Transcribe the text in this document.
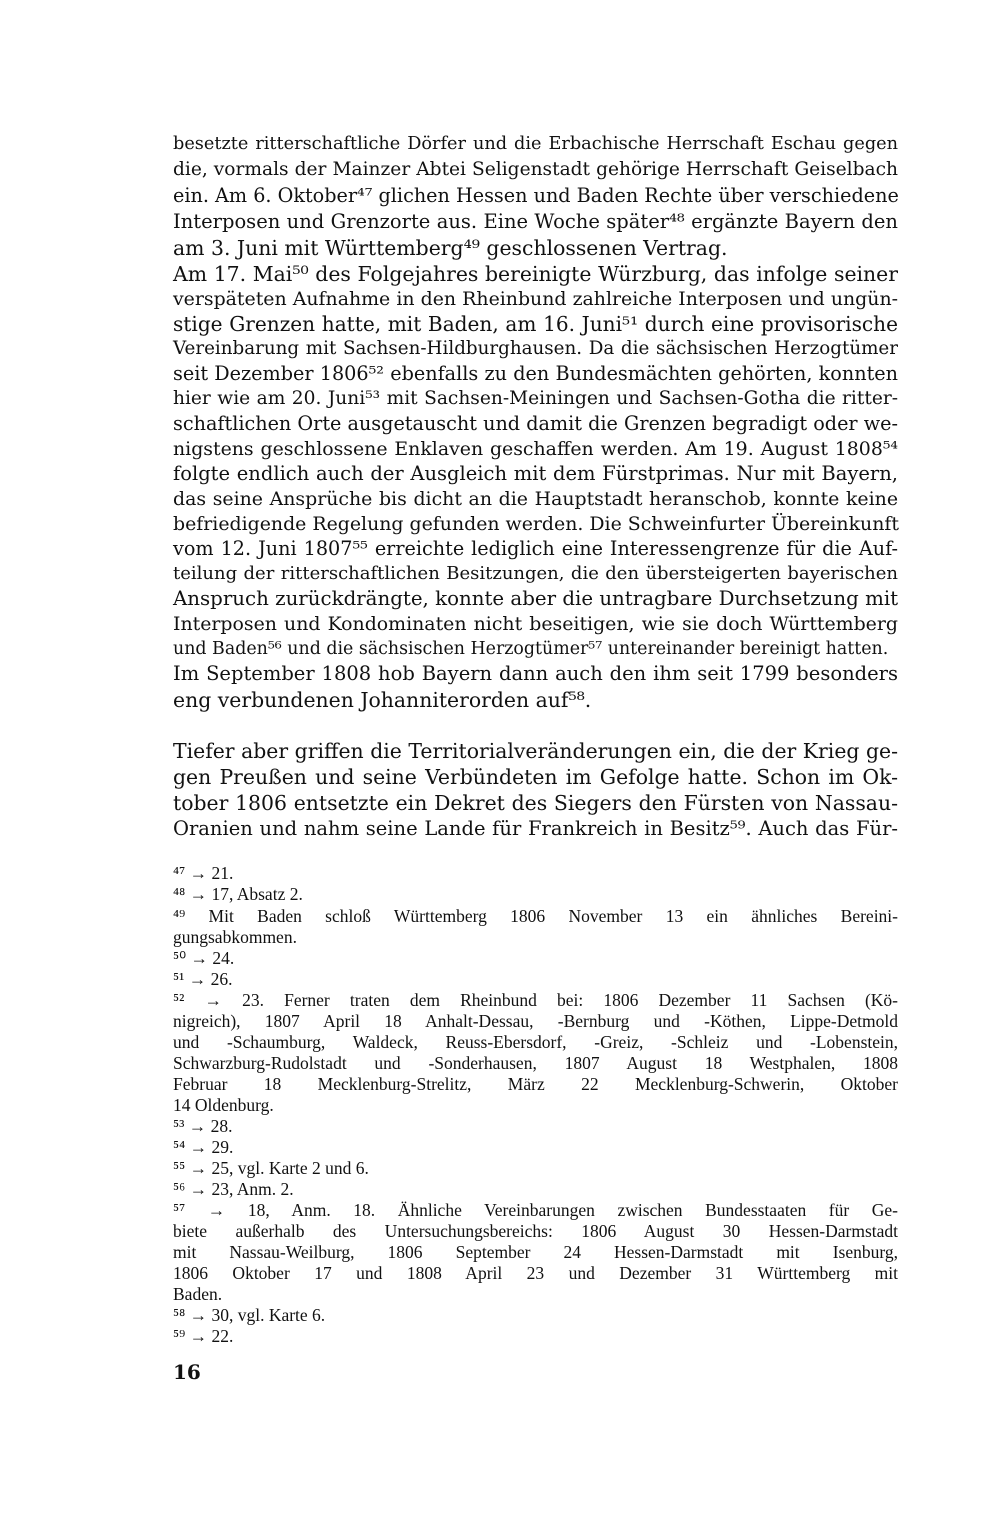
besetzte ritterschaftliche Dörfer und die Erbachische Herrschaft Eschau gegen
die, vormals der Mainzer Abtei Seligenstadt gehörige Herrschaft Geiselbach
ein. Am 6. Oktober⁴⁷ glichen Hessen und Baden Rechte über verschiedene
Interposen und Grenzorte aus. Eine Woche später⁴⁸ ergänzte Bayern den
am 3. Juni mit Württemberg⁴⁹ geschlossenen Vertrag.
Am 17. Mai⁵⁰ des Folgejahres bereinigte Würzburg, das infolge seiner
verspäteten Aufnahme in den Rheinbund zahlreiche Interposen und ungün-
stige Grenzen hatte, mit Baden, am 16. Juni⁵¹ durch eine provisorische
Vereinbarung mit Sachsen-Hildburghausen. Da die sächsischen Herzogtümer
seit Dezember 1806⁵² ebenfalls zu den Bundesmächten gehörten, konnten
hier wie am 20. Juni⁵³ mit Sachsen-Meiningen und Sachsen-Gotha die ritter-
schaftlichen Orte ausgetauscht und damit die Grenzen begradigt oder we-
nigstens geschlossene Enklaven geschaffen werden. Am 19. August 1808⁵⁴
folgte endlich auch der Ausgleich mit dem Fürstprimas. Nur mit Bayern,
das seine Ansprüche bis dicht an die Hauptstadt heranschob, konnte keine
befriedigende Regelung gefunden werden. Die Schweinfurter Übereinkunft
vom 12. Juni 1807⁵⁵ erreichte lediglich eine Interessengrenze für die Auf-
teilung der ritterschaftlichen Besitzungen, die den übersteigerten bayerischen
Anspruch zurückdrängte, konnte aber die untragbare Durchsetzung mit
Interposen und Kondominaten nicht beseitigen, wie sie doch Württemberg
und Baden⁵⁶ und die sächsischen Herzogtümer⁵⁷ untereinander bereinigt hatten.
Im September 1808 hob Bayern dann auch den ihm seit 1799 besonders
eng verbundenen Johanniterorden auf⁵⁸.
Tiefer aber griffen die Territorialveränderungen ein, die der Krieg ge-
gen Preußen und seine Verbündeten im Gefolge hatte. Schon im Ok-
tober 1806 entsetzte ein Dekret des Siegers den Fürsten von Nassau-
Oranien und nahm seine Lande für Frankreich in Besitz⁵⁹. Auch das Für-
⁴⁷ → 21.
⁴⁸ → 17, Absatz 2.
⁴⁹ Mit Baden schloß Württemberg 1806 November 13 ein ähnliches Bereini-
gungsabkommen.
⁵⁰ → 24.
⁵¹ → 26.
⁵² → 23. Ferner traten dem Rheinbund bei: 1806 Dezember 11 Sachsen (Kö-
nigreich), 1807 April 18 Anhalt-Dessau, -Bernburg und -Köthen, Lippe-Detmold
und -Schaumburg, Waldeck, Reuss-Ebersdorf, -Greiz, -Schleiz und -Lobenstein,
Schwarzburg-Rudolstadt und -Sonderhausen, 1807 August 18 Westphalen, 1808
Februar 18 Mecklenburg-Strelitz, März 22 Mecklenburg-Schwerin, Oktober
14 Oldenburg.
⁵³ → 28.
⁵⁴ → 29.
⁵⁵ → 25, vgl. Karte 2 und 6.
⁵⁶ → 23, Anm. 2.
⁵⁷ → 18, Anm. 18. Ähnliche Vereinbarungen zwischen Bundesstaaten für Ge-
biete außerhalb des Untersuchungsbereichs: 1806 August 30 Hessen-Darmstadt
mit Nassau-Weilburg, 1806 September 24 Hessen-Darmstadt mit Isenburg,
1806 Oktober 17 und 1808 April 23 und Dezember 31 Württemberg mit
Baden.
⁵⁸ → 30, vgl. Karte 6.
⁵⁹ → 22.
16
